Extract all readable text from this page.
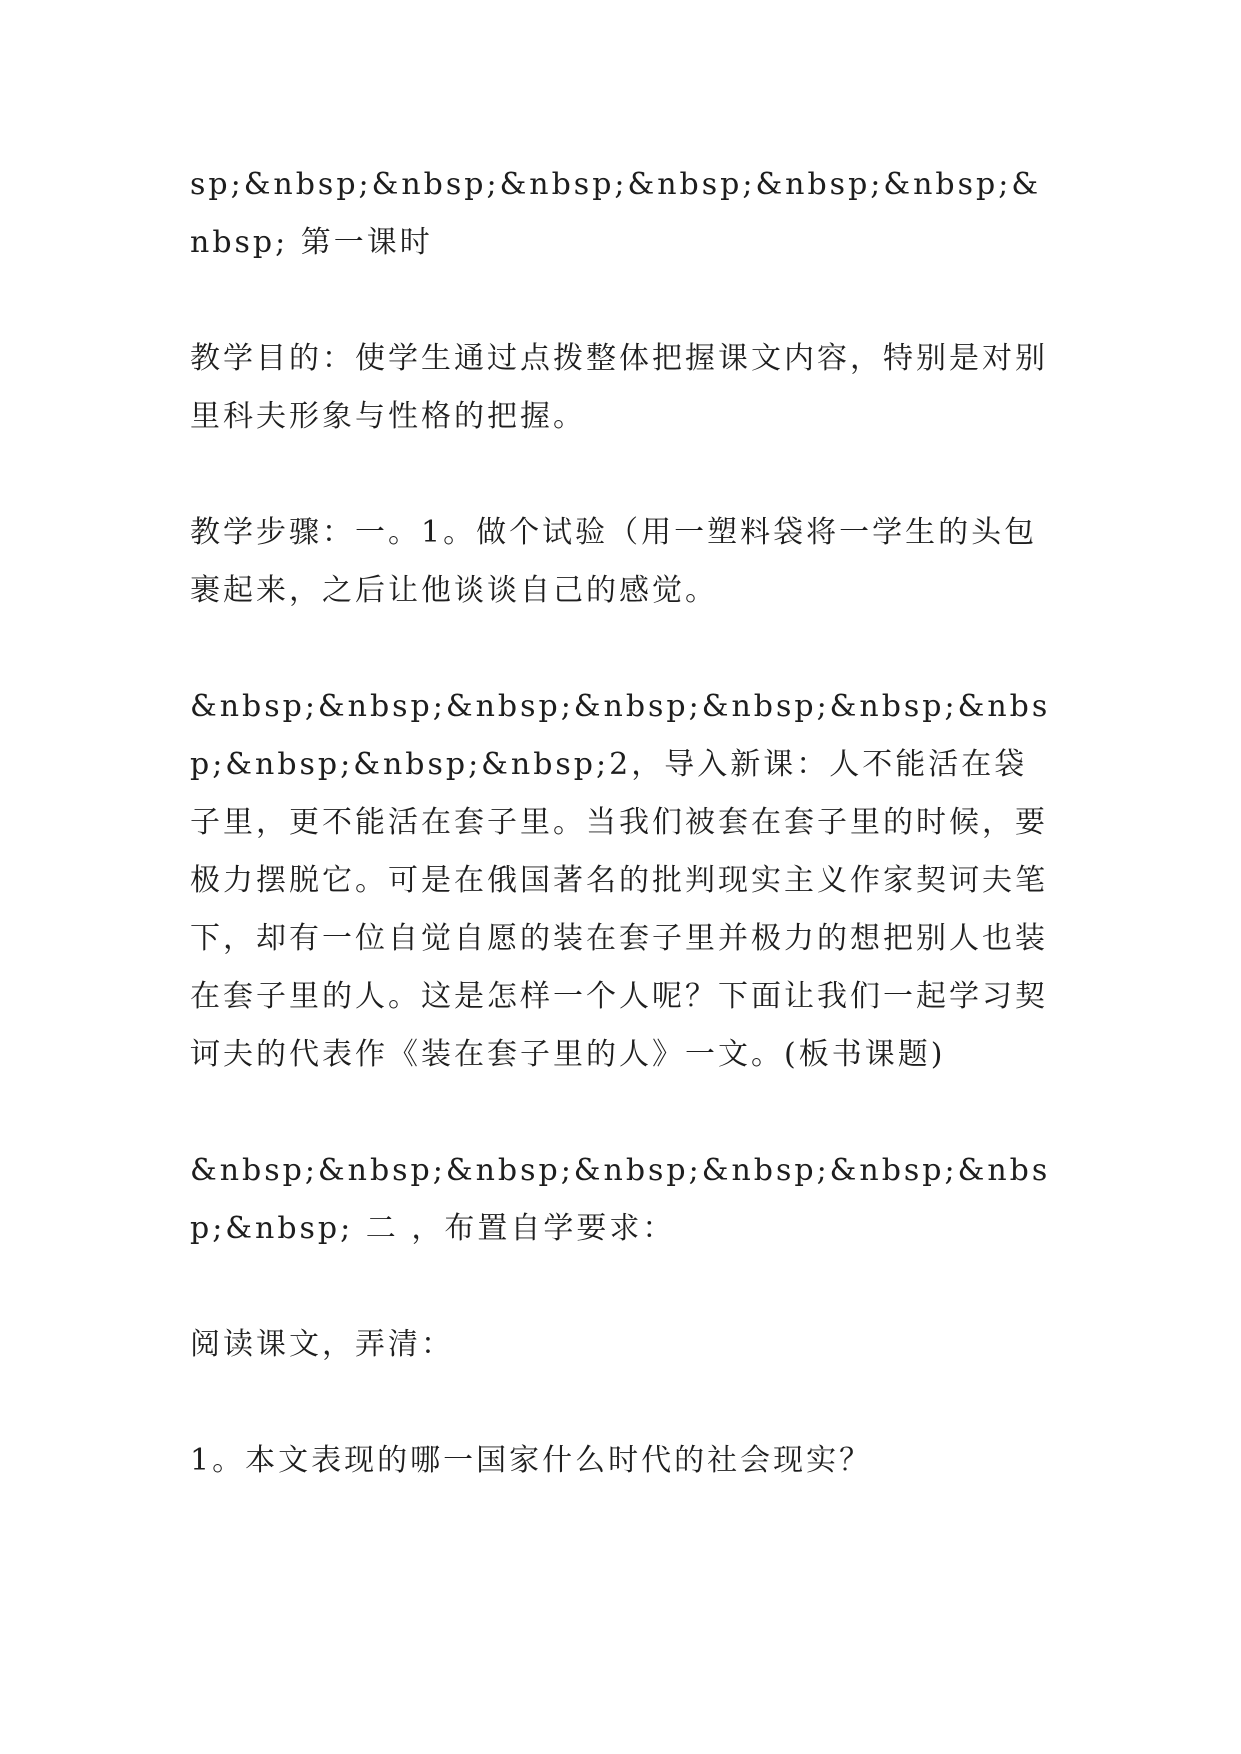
sp;&nbsp;&nbsp;&nbsp;&nbsp;&nbsp;&nbsp;&nbsp; 第一课时

教学目的：使学生通过点拨整体把握课文内容，特别是对别里科夫形象与性格的把握。

教学步骤：一。1。做个试验（用一塑料袋将一学生的头包裹起来，之后让他谈谈自己的感觉。

&nbsp;&nbsp;&nbsp;&nbsp;&nbsp;&nbsp;&nbsp;&nbsp;&nbsp;&nbsp;2，导入新课：人不能活在袋子里，更不能活在套子里。当我们被套在套子里的时候，要极力摆脱它。可是在俄国著名的批判现实主义作家契诃夫笔下，却有一位自觉自愿的装在套子里并极力的想把别人也装在套子里的人。这是怎样一个人呢？下面让我们一起学习契诃夫的代表作《装在套子里的人》一文。(板书课题)

&nbsp;&nbsp;&nbsp;&nbsp;&nbsp;&nbsp;&nbsp;&nbsp; 二 ，布置自学要求：

阅读课文，弄清：

1。本文表现的哪一国家什么时代的社会现实？
